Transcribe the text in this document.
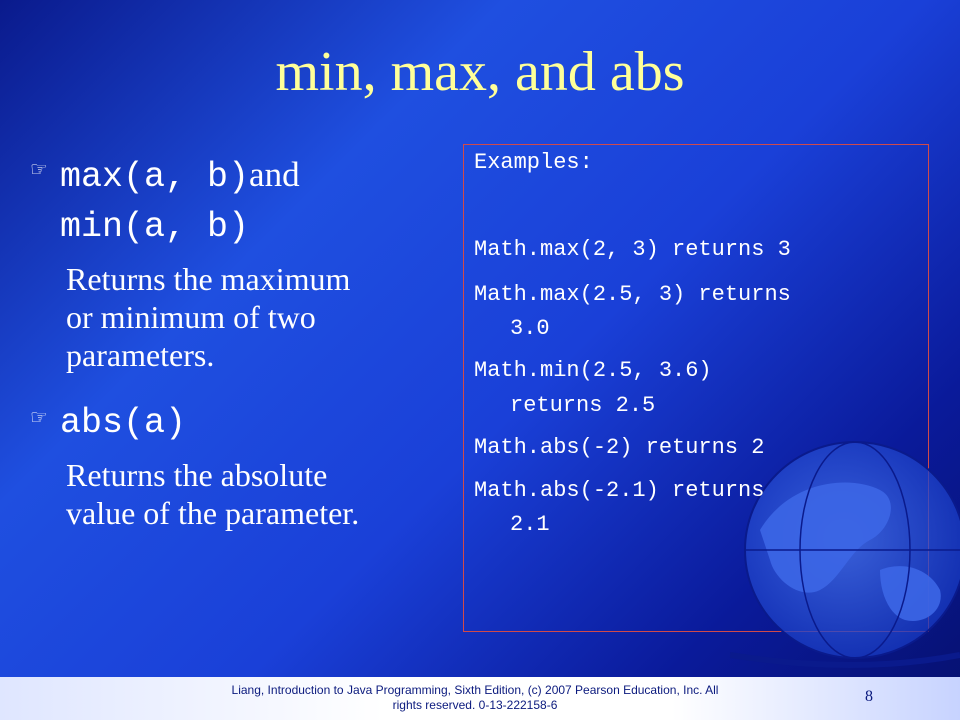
min, max, and abs
☞ max(a, b)and
min(a, b)
Returns the maximum
or minimum of two
parameters.
☞ abs(a)
Returns the absolute
value of the parameter.
Examples:
Math.max(2, 3) returns 3
Math.max(2.5, 3) returns
3.0
Math.min(2.5, 3.6)
returns 2.5
Math.abs(-2) returns 2
Math.abs(-2.1) returns
2.1
Liang, Introduction to Java Programming, Sixth Edition, (c) 2007 Pearson Education, Inc. All
rights reserved. 0-13-222158-6	8
